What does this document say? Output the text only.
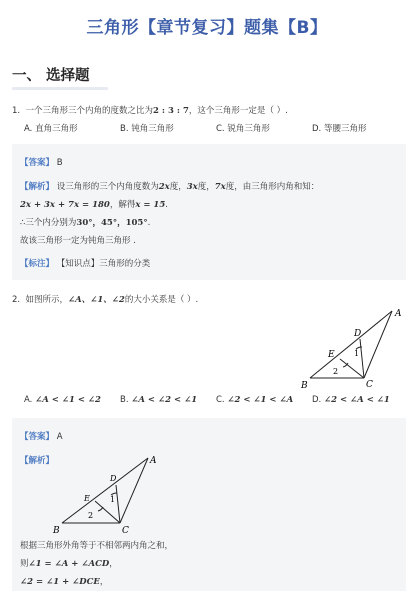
三角形【章节复习】题集【B】
一、 选择题
1. 一个三角形三个内角的度数之比为2 : 3 : 7，这个三角形一定是（ ）.
A. 直角三角形	B. 钝角三角形	C. 锐角三角形	D. 等腰三角形
【答案】 B
【解析】 设三角形的三个内角度数为2x度，3x度，7x度，由三角形内角和知：
2x + 3x + 7x = 180，解得x = 15.
∴三个内分别为30°，45°，105°.
故该三角形一定为钝角三角形 .
【标注】 【知识点】三角形的分类
2. 如图所示，∠A、∠1、∠2的大小关系是（ ）.
A
B	C
D
E 1
2
A. ∠A < ∠1 < ∠2	B. ∠A < ∠2 < ∠1	C. ∠2 < ∠1 < ∠A	D. ∠2 < ∠A < ∠1
【答案】 A
【解析】	A
B	C
D
E	1
2
根据三角形外角等于不相邻两内角之和，
则∠1 = ∠A + ∠ACD，
∠2 = ∠1 + ∠DCE，
